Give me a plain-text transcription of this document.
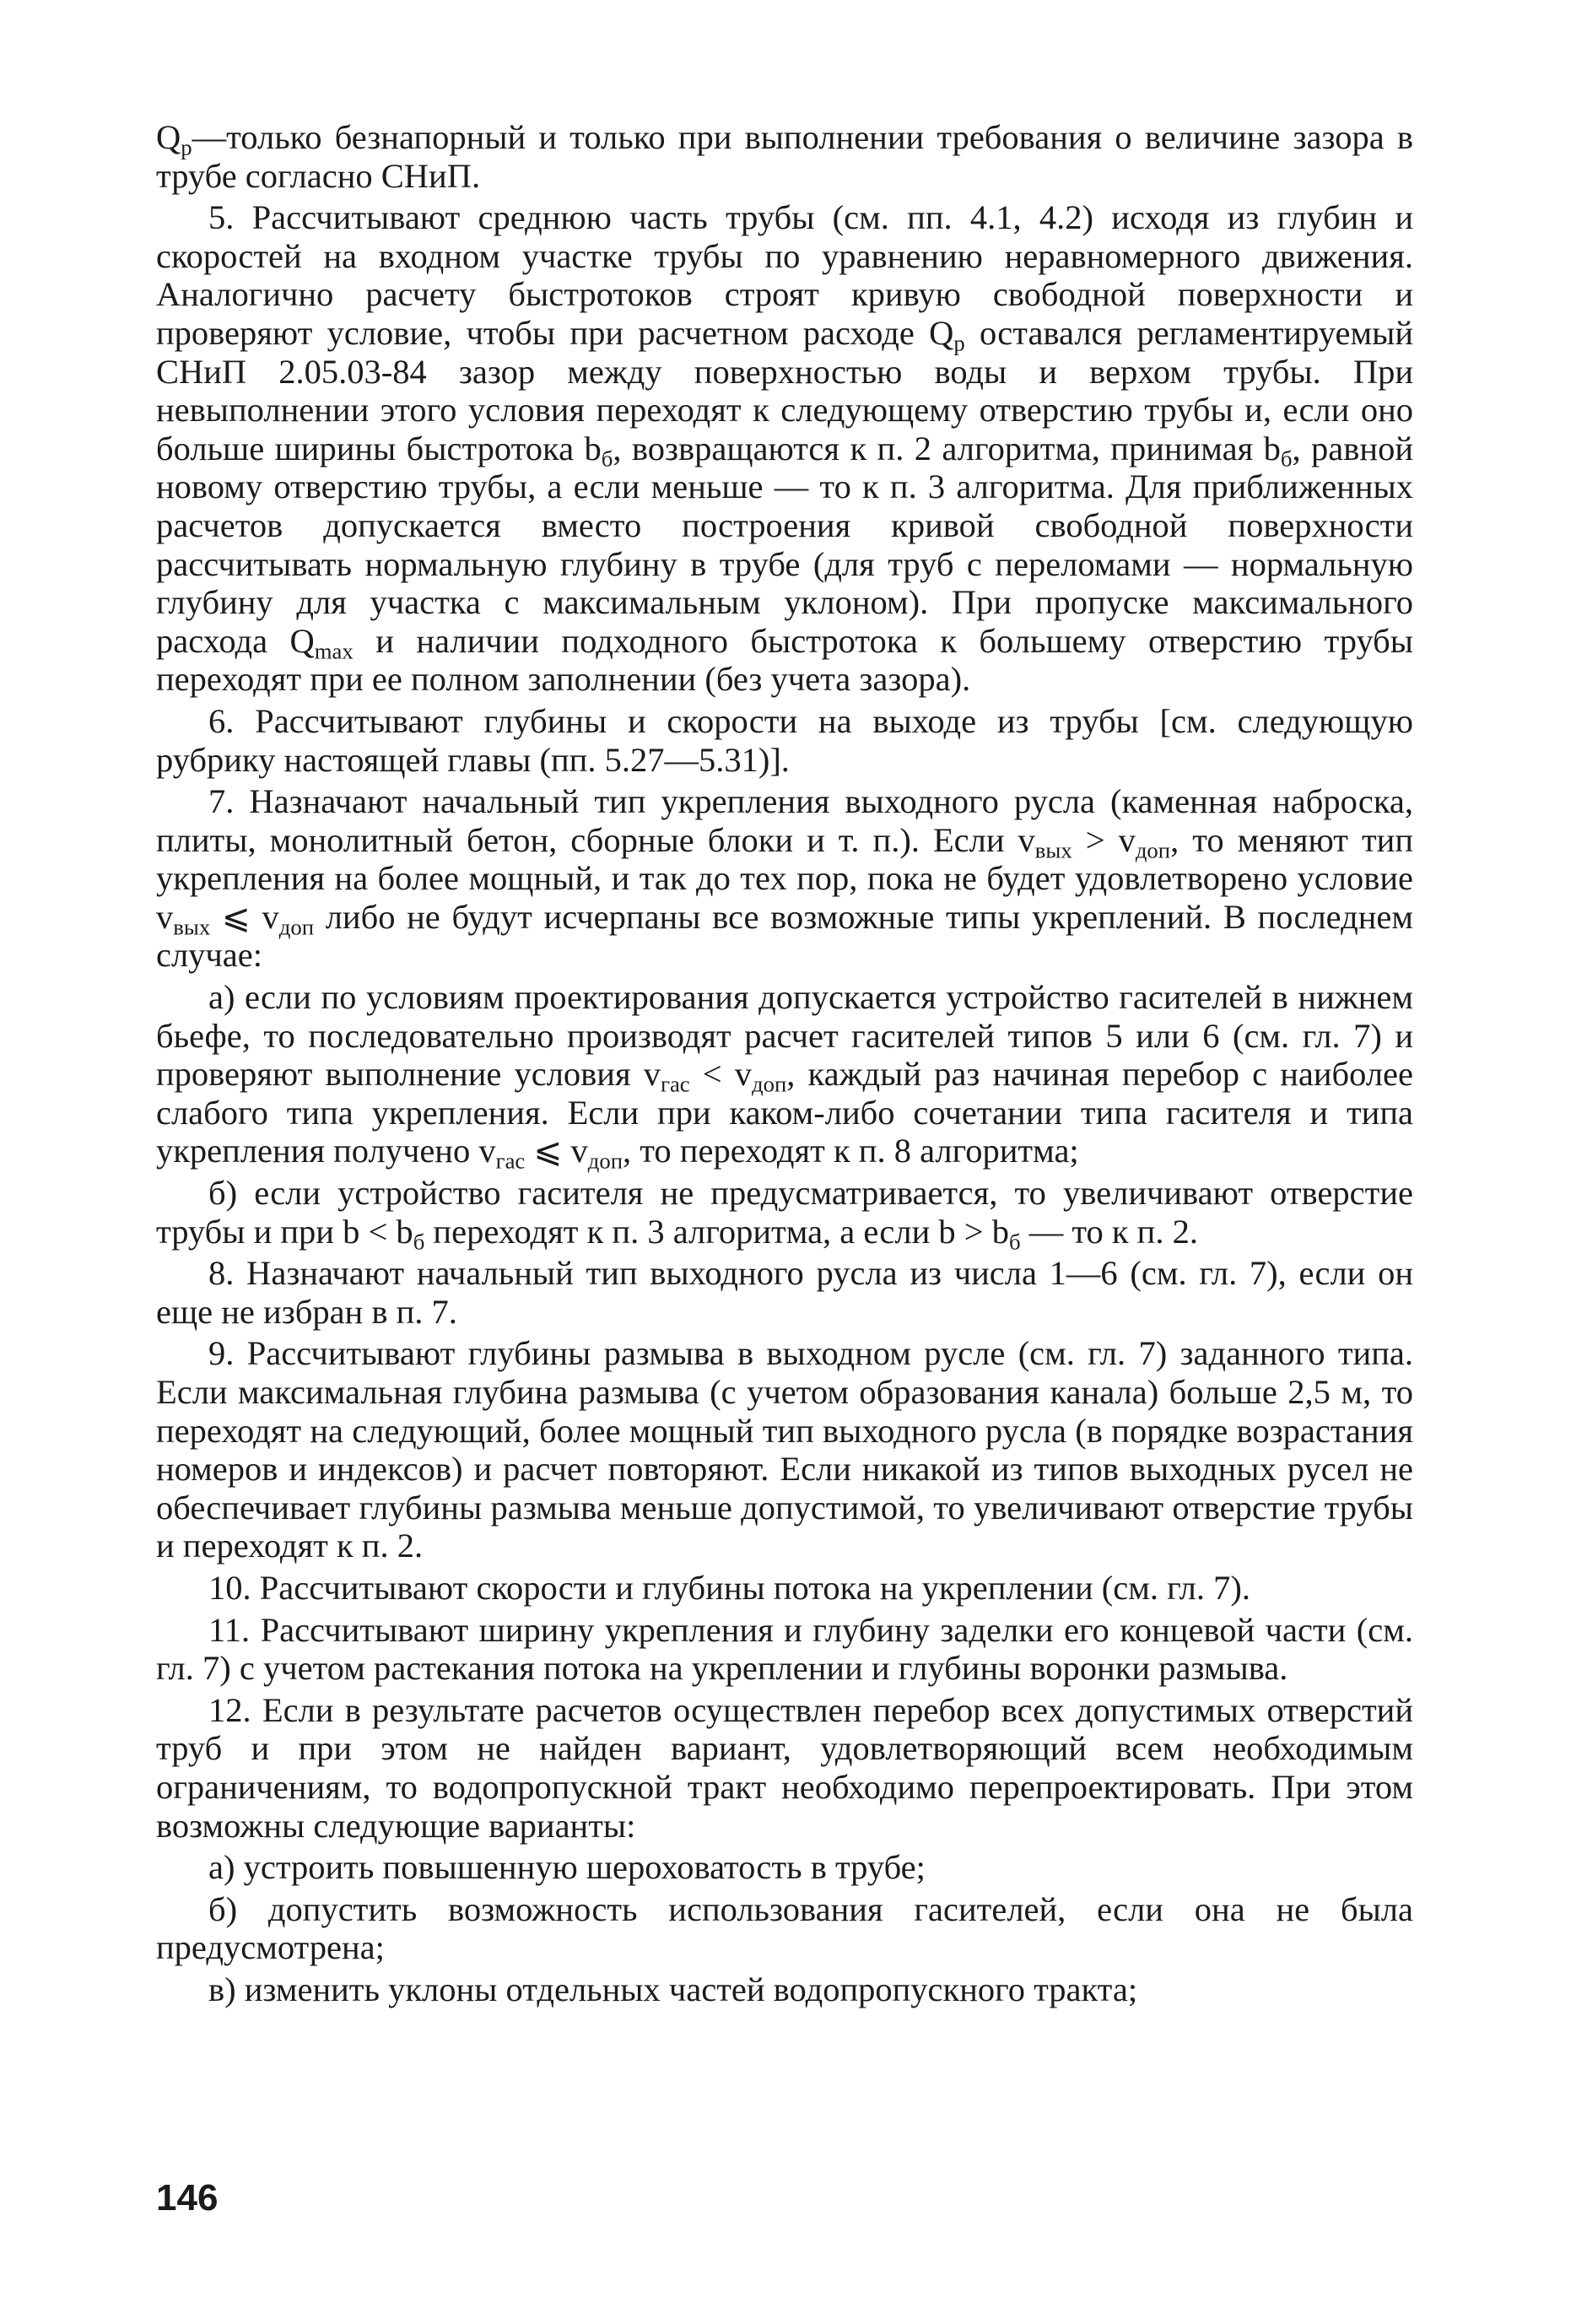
$Q_р—только$ безнапорный и только при выполнении требования о величине зазора в трубе согласно СНиП.

5. Рассчитывают среднюю часть трубы (см. пп. 4.1, 4.2) исходя из глубин и скоростей на входном участке трубы по уравнению неравномерного движения. Аналогично расчету быстротоков строят кривую свободной поверхности и проверяют условие, чтобы при расчетном расходе $Q_р$ оставался регламентируемый СНиП 2.05.03-84 зазор между поверхностью воды и верхом трубы. При невыполнении этого условия переходят к следующему отверстию трубы и, если оно больше ширины быстротока $b_б$, возвращаются к п. 2 алгоритма, принимая $b_б$, равной новому отверстию трубы, а если меньше — то к п. 3 алгоритма. Для приближенных расчетов допускается вместо построения кривой свободной поверхности рассчитывать нормальную глубину в трубе (для труб с переломами — нормальную глубину для участка с максимальным уклоном). При пропуске максимального расхода $Q_{max}$ и наличии подходного быстротока к большему отверстию трубы переходят при ее полном заполнении (без учета зазора).

6. Рассчитывают глубины и скорости на выходе из трубы [см. следующую рубрику настоящей главы (пп. 5.27—5.31)].

7. Назначают начальный тип укрепления выходного русла (каменная наброска, плиты, монолитный бетон, сборные блоки и т. п.). Если $v_{вых} > v_{доп}$, то меняют тип укрепления на более мощный, и так до тех пор, пока не будет удовлетворено условие $v_{вых}$ ⩽ $v_{доп}$ либо не будут исчерпаны все возможные типы укреплений. В последнем случае:

а) если по условиям проектирования допускается устройство гасителей в нижнем бьефе, то последовательно производят расчет гасителей типов 5 или 6 (см. гл. 7) и проверяют выполнение условия $v_{гас} < v_{доп}$, каждый раз начиная перебор с наиболее слабого типа укрепления. Если при каком-либо сочетании типа гасителя и типа укрепления получено $v_{гас}$ ⩽ $v_{доп}$, то переходят к п. 8 алгоритма;

б) если устройство гасителя не предусматривается, то увеличивают отверстие трубы и при $b < b_б$ переходят к п. 3 алгоритма, а если $b > b_б$ — то к п. 2.

8. Назначают начальный тип выходного русла из числа 1—6 (см. гл. 7), если он еще не избран в п. 7.

9. Рассчитывают глубины размыва в выходном русле (см. гл. 7) заданного типа. Если максимальная глубина размыва (с учетом образования канала) больше 2,5 м, то переходят на следующий, более мощный тип выходного русла (в порядке возрастания номеров и индексов) и расчет повторяют. Если никакой из типов выходных русел не обеспечивает глубины размыва меньше допустимой, то увеличивают отверстие трубы и переходят к п. 2.

10. Рассчитывают скорости и глубины потока на укреплении (см. гл. 7).

11. Рассчитывают ширину укрепления и глубину заделки его концевой части (см. гл. 7) с учетом растекания потока на укреплении и глубины воронки размыва.

12. Если в результате расчетов осуществлен перебор всех допустимых отверстий труб и при этом не найден вариант, удовлетворяющий всем необходимым ограничениям, то водопропускной тракт необходимо перепроектировать. При этом возможны следующие варианты:

а) устроить повышенную шероховатость в трубе;

б) допустить возможность использования гасителей, если она не была предусмотрена;

в) изменить уклоны отдельных частей водопропускного тракта;

146
